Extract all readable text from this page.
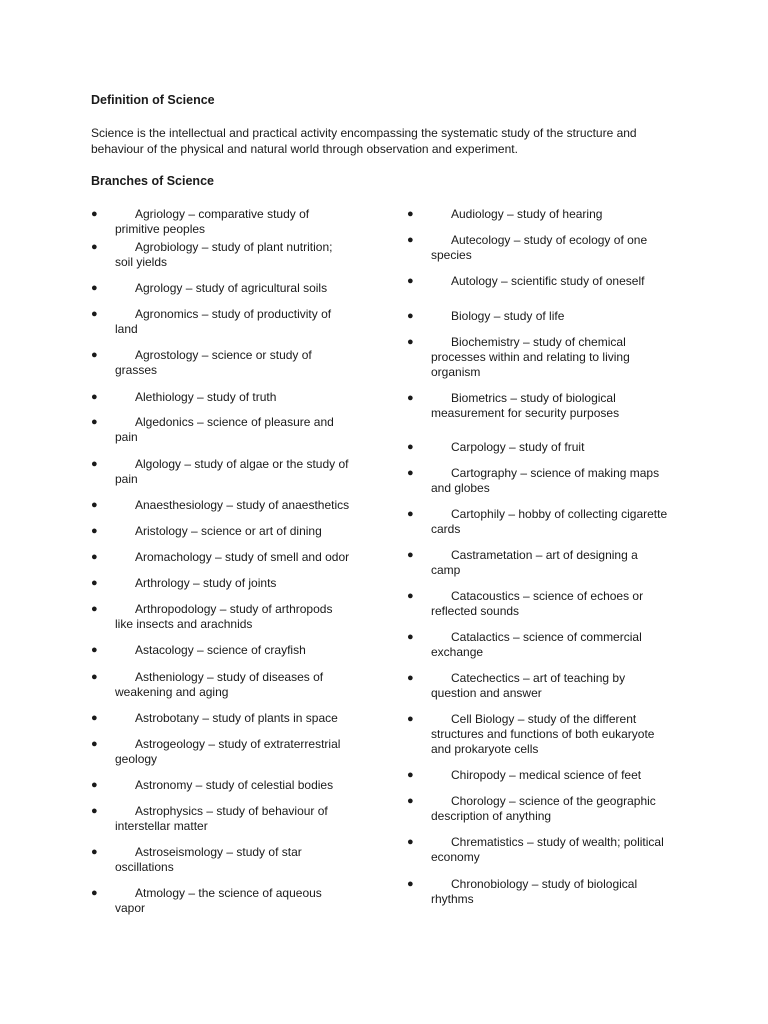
Definition of Science
Science is the intellectual and practical activity encompassing the systematic study of the structure and behaviour of the physical and natural world through observation and experiment.
Branches of Science
●	Agriology – comparative study of primitive peoples
●	Agrobiology – study of plant nutrition; soil yields
●	Agrology – study of agricultural soils
●	Agronomics – study of productivity of land
●	Agrostology – science or study of grasses
●	Alethiology – study of truth
●	Algedonics – science of pleasure and pain
●	Algology – study of algae or the study of pain
●	Anaesthesiology – study of anaesthetics
●	Aristology – science or art of dining
●	Aromachology – study of smell and odor
●	Arthrology – study of joints
●	Arthropodology – study of arthropods like insects and arachnids
●	Astacology – science of crayfish
●	Astheniology – study of diseases of weakening and aging
●	Astrobotany – study of plants in space
●	Astrogeology – study of extraterrestrial geology
●	Astronomy – study of celestial bodies
●	Astrophysics – study of behaviour of interstellar matter
●	Astroseismology – study of star oscillations
●	Atmology – the science of aqueous vapor
●	Audiology – study of hearing
●	Autecology – study of ecology of one species
●	Autology – scientific study of oneself
●	Biology – study of life
●	Biochemistry – study of chemical processes within and relating to living organism
●	Biometrics – study of biological measurement for security purposes
●	Carpology – study of fruit
●	Cartography – science of making maps and globes
●	Cartophily – hobby of collecting cigarette cards
●	Castrametation – art of designing a camp
●	Catacoustics – science of echoes or reflected sounds
●	Catalactics – science of commercial exchange
●	Catechectics – art of teaching by question and answer
●	Cell Biology – study of the different structures and functions of both eukaryote and prokaryote cells
●	Chiropody – medical science of feet
●	Chorology – science of the geographic description of anything
●	Chrematistics – study of wealth; political economy
●	Chronobiology – study of biological rhythms
